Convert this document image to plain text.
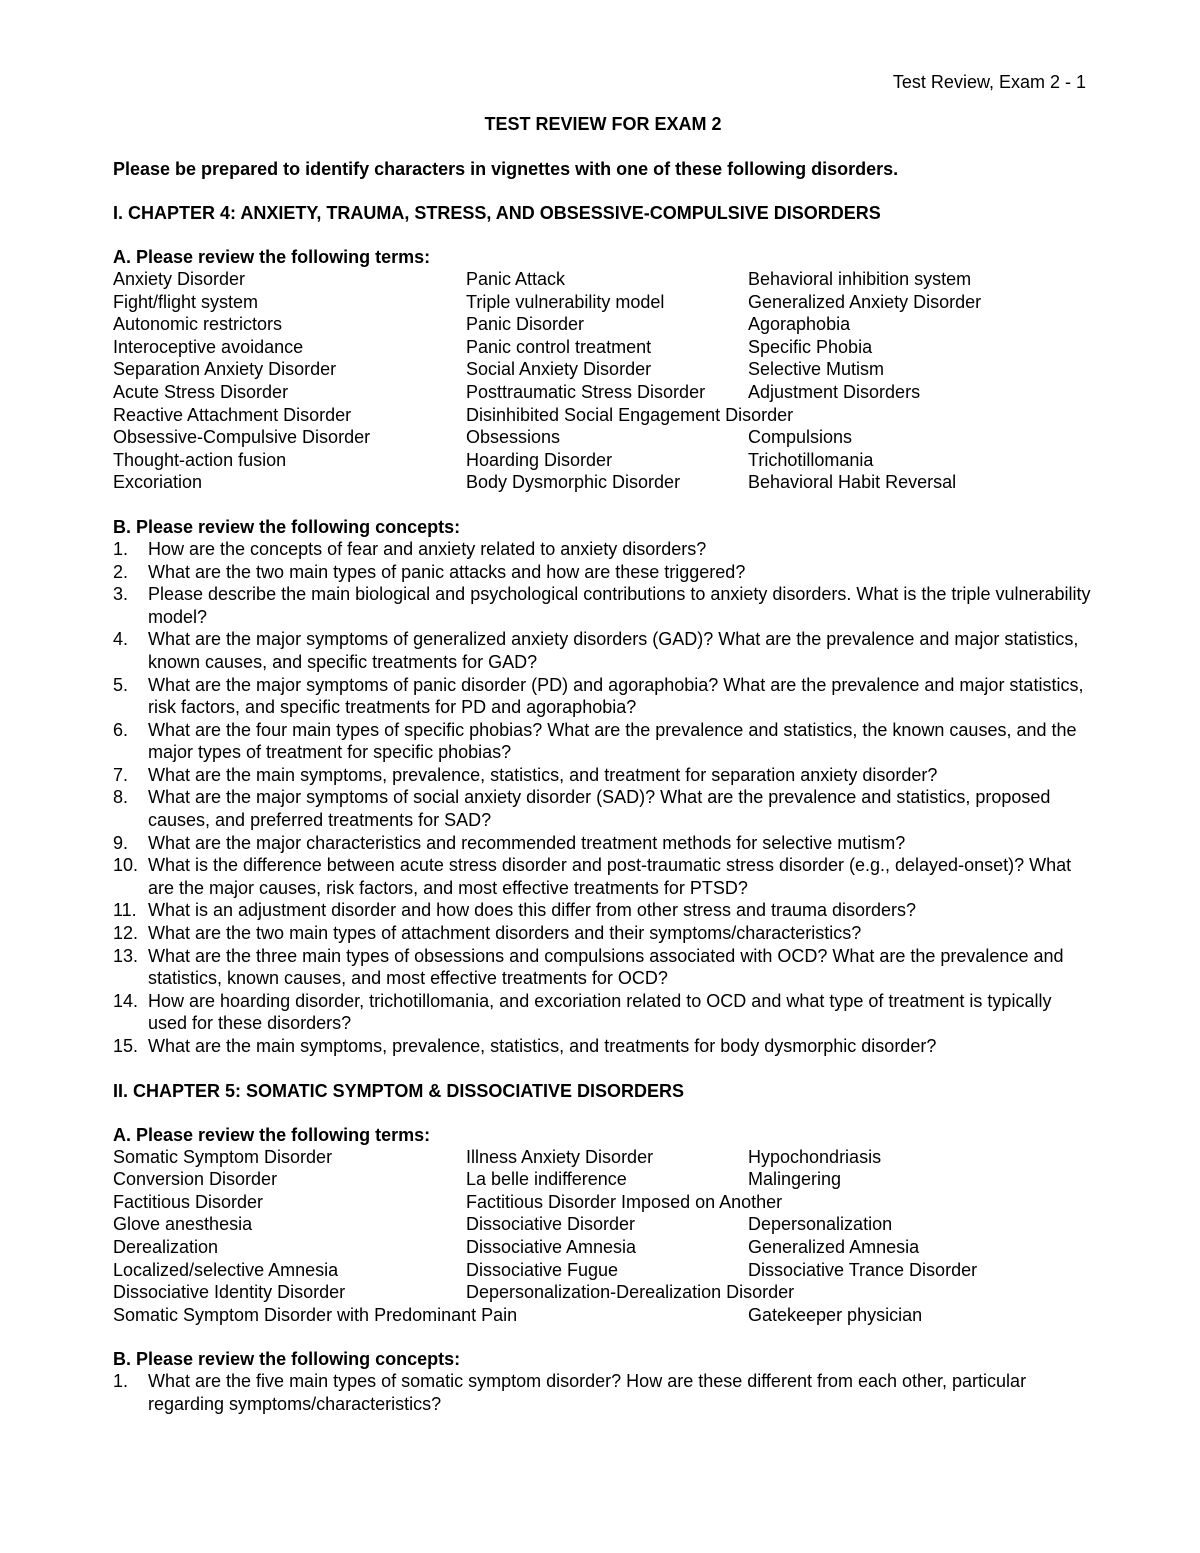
Test Review, Exam 2 - 1
TEST REVIEW FOR EXAM 2
Please be prepared to identify characters in vignettes with one of these following disorders.
I. CHAPTER 4: ANXIETY, TRAUMA, STRESS, AND OBSESSIVE-COMPULSIVE DISORDERS
A. Please review the following terms:
Anxiety Disorder	Panic Attack	Behavioral inhibition system
Fight/flight system	Triple vulnerability model	Generalized Anxiety Disorder
Autonomic restrictors	Panic Disorder	Agoraphobia
Interoceptive avoidance	Panic control treatment	Specific Phobia
Separation Anxiety Disorder	Social Anxiety Disorder	Selective Mutism
Acute Stress Disorder	Posttraumatic Stress Disorder	Adjustment Disorders
Reactive Attachment Disorder	Disinhibited Social Engagement Disorder
Obsessive-Compulsive Disorder	Obsessions	Compulsions
Thought-action fusion	Hoarding Disorder	Trichotillomania
Excoriation	Body Dysmorphic Disorder	Behavioral Habit Reversal
B. Please review the following concepts:
1.	How are the concepts of fear and anxiety related to anxiety disorders?
2.	What are the two main types of panic attacks and how are these triggered?
3.	Please describe the main biological and psychological contributions to anxiety disorders. What is the triple vulnerability model?
4.	What are the major symptoms of generalized anxiety disorders (GAD)? What are the prevalence and major statistics, known causes, and specific treatments for GAD?
5.	What are the major symptoms of panic disorder (PD) and agoraphobia? What are the prevalence and major statistics, risk factors, and specific treatments for PD and agoraphobia?
6.	What are the four main types of specific phobias? What are the prevalence and statistics, the known causes, and the major types of treatment for specific phobias?
7.	What are the main symptoms, prevalence, statistics, and treatment for separation anxiety disorder?
8.	What are the major symptoms of social anxiety disorder (SAD)? What are the prevalence and statistics, proposed causes, and preferred treatments for SAD?
9.	What are the major characteristics and recommended treatment methods for selective mutism?
10. What is the difference between acute stress disorder and post-traumatic stress disorder (e.g., delayed-onset)? What are the major causes, risk factors, and most effective treatments for PTSD?
11. What is an adjustment disorder and how does this differ from other stress and trauma disorders?
12. What are the two main types of attachment disorders and their symptoms/characteristics?
13. What are the three main types of obsessions and compulsions associated with OCD? What are the prevalence and statistics, known causes, and most effective treatments for OCD?
14. How are hoarding disorder, trichotillomania, and excoriation related to OCD and what type of treatment is typically used for these disorders?
15. What are the main symptoms, prevalence, statistics, and treatments for body dysmorphic disorder?
II. CHAPTER 5: SOMATIC SYMPTOM & DISSOCIATIVE DISORDERS
A. Please review the following terms:
Somatic Symptom Disorder	Illness Anxiety Disorder	Hypochondriasis
Conversion Disorder	La belle indifference	Malingering
Factitious Disorder	Factitious Disorder Imposed on Another
Glove anesthesia	Dissociative Disorder	Depersonalization
Derealization	Dissociative Amnesia	Generalized Amnesia
Localized/selective Amnesia	Dissociative Fugue	Dissociative Trance Disorder
Dissociative Identity Disorder	Depersonalization-Derealization Disorder
Somatic Symptom Disorder with Predominant Pain	Gatekeeper physician
B. Please review the following concepts:
1.	What are the five main types of somatic symptom disorder? How are these different from each other, particular regarding symptoms/characteristics?
